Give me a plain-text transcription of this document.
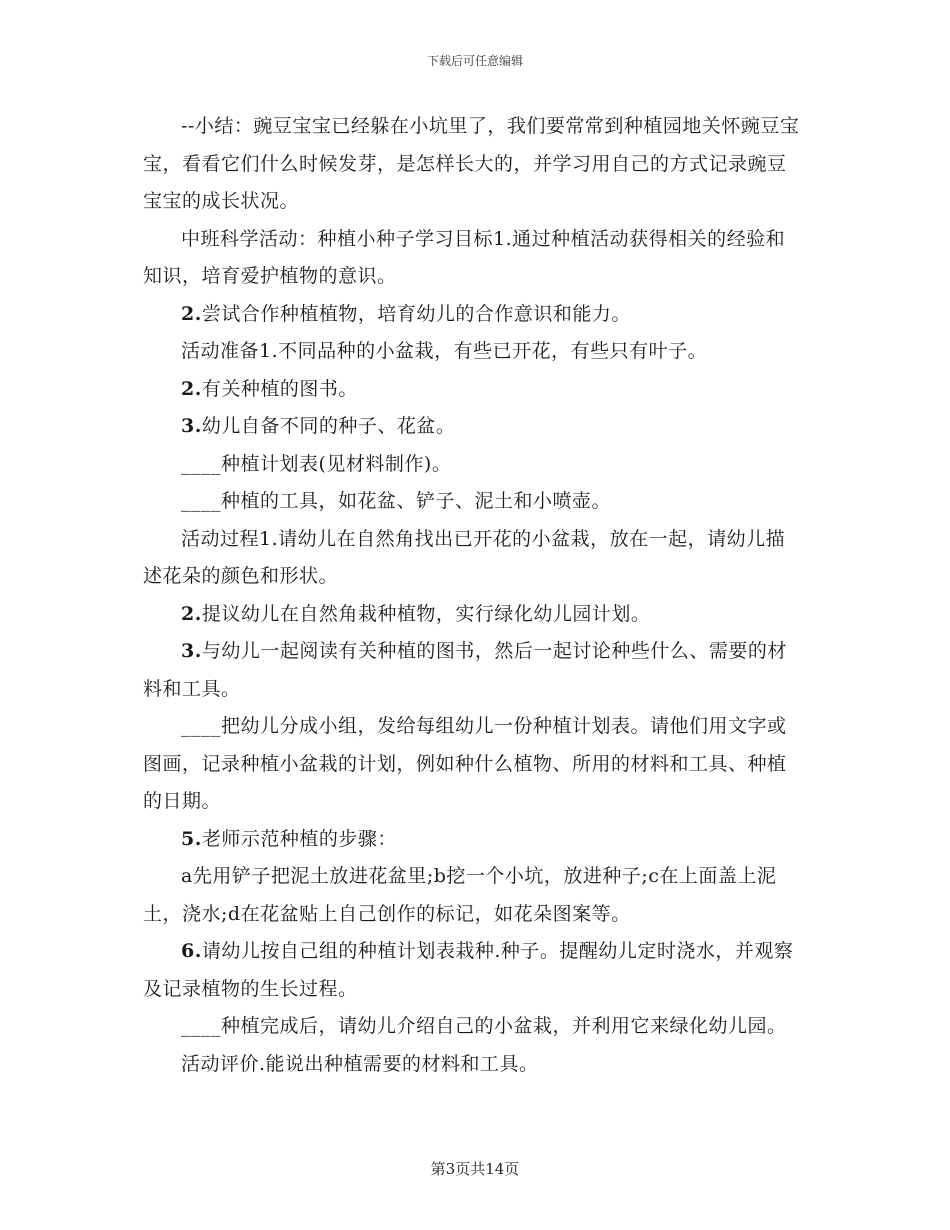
下载后可任意编辑

--小结：豌豆宝宝已经躲在小坑里了，我们要常常到种植园地关怀豌豆宝宝，看看它们什么时候发芽，是怎样长大的，并学习用自己的方式记录豌豆宝宝的成长状况。

中班科学活动：种植小种子学习目标1.通过种植活动获得相关的经验和知识，培育爱护植物的意识。

2.尝试合作种植植物，培育幼儿的合作意识和能力。

活动准备1.不同品种的小盆栽，有些已开花，有些只有叶子。

2.有关种植的图书。

3.幼儿自备不同的种子、花盆。

____种植计划表(见材料制作)。

____种植的工具，如花盆、铲子、泥土和小喷壶。

活动过程1.请幼儿在自然角找出已开花的小盆栽，放在一起，请幼儿描述花朵的颜色和形状。

2.提议幼儿在自然角栽种植物，实行绿化幼儿园计划。

3.与幼儿一起阅读有关种植的图书，然后一起讨论种些什么、需要的材料和工具。

____把幼儿分成小组，发给每组幼儿一份种植计划表。请他们用文字或图画，记录种植小盆栽的计划，例如种什么植物、所用的材料和工具、种植的日期。

5.老师示范种植的步骤：

a先用铲子把泥土放进花盆里;b挖一个小坑，放进种子;c在上面盖上泥土，浇水;d在花盆贴上自己创作的标记，如花朵图案等。

6.请幼儿按自己组的种植计划表栽种.种子。提醒幼儿定时浇水，并观察及记录植物的生长过程。

____种植完成后，请幼儿介绍自己的小盆栽，并利用它来绿化幼儿园。

活动评价.能说出种植需要的材料和工具。

第3页共14页
